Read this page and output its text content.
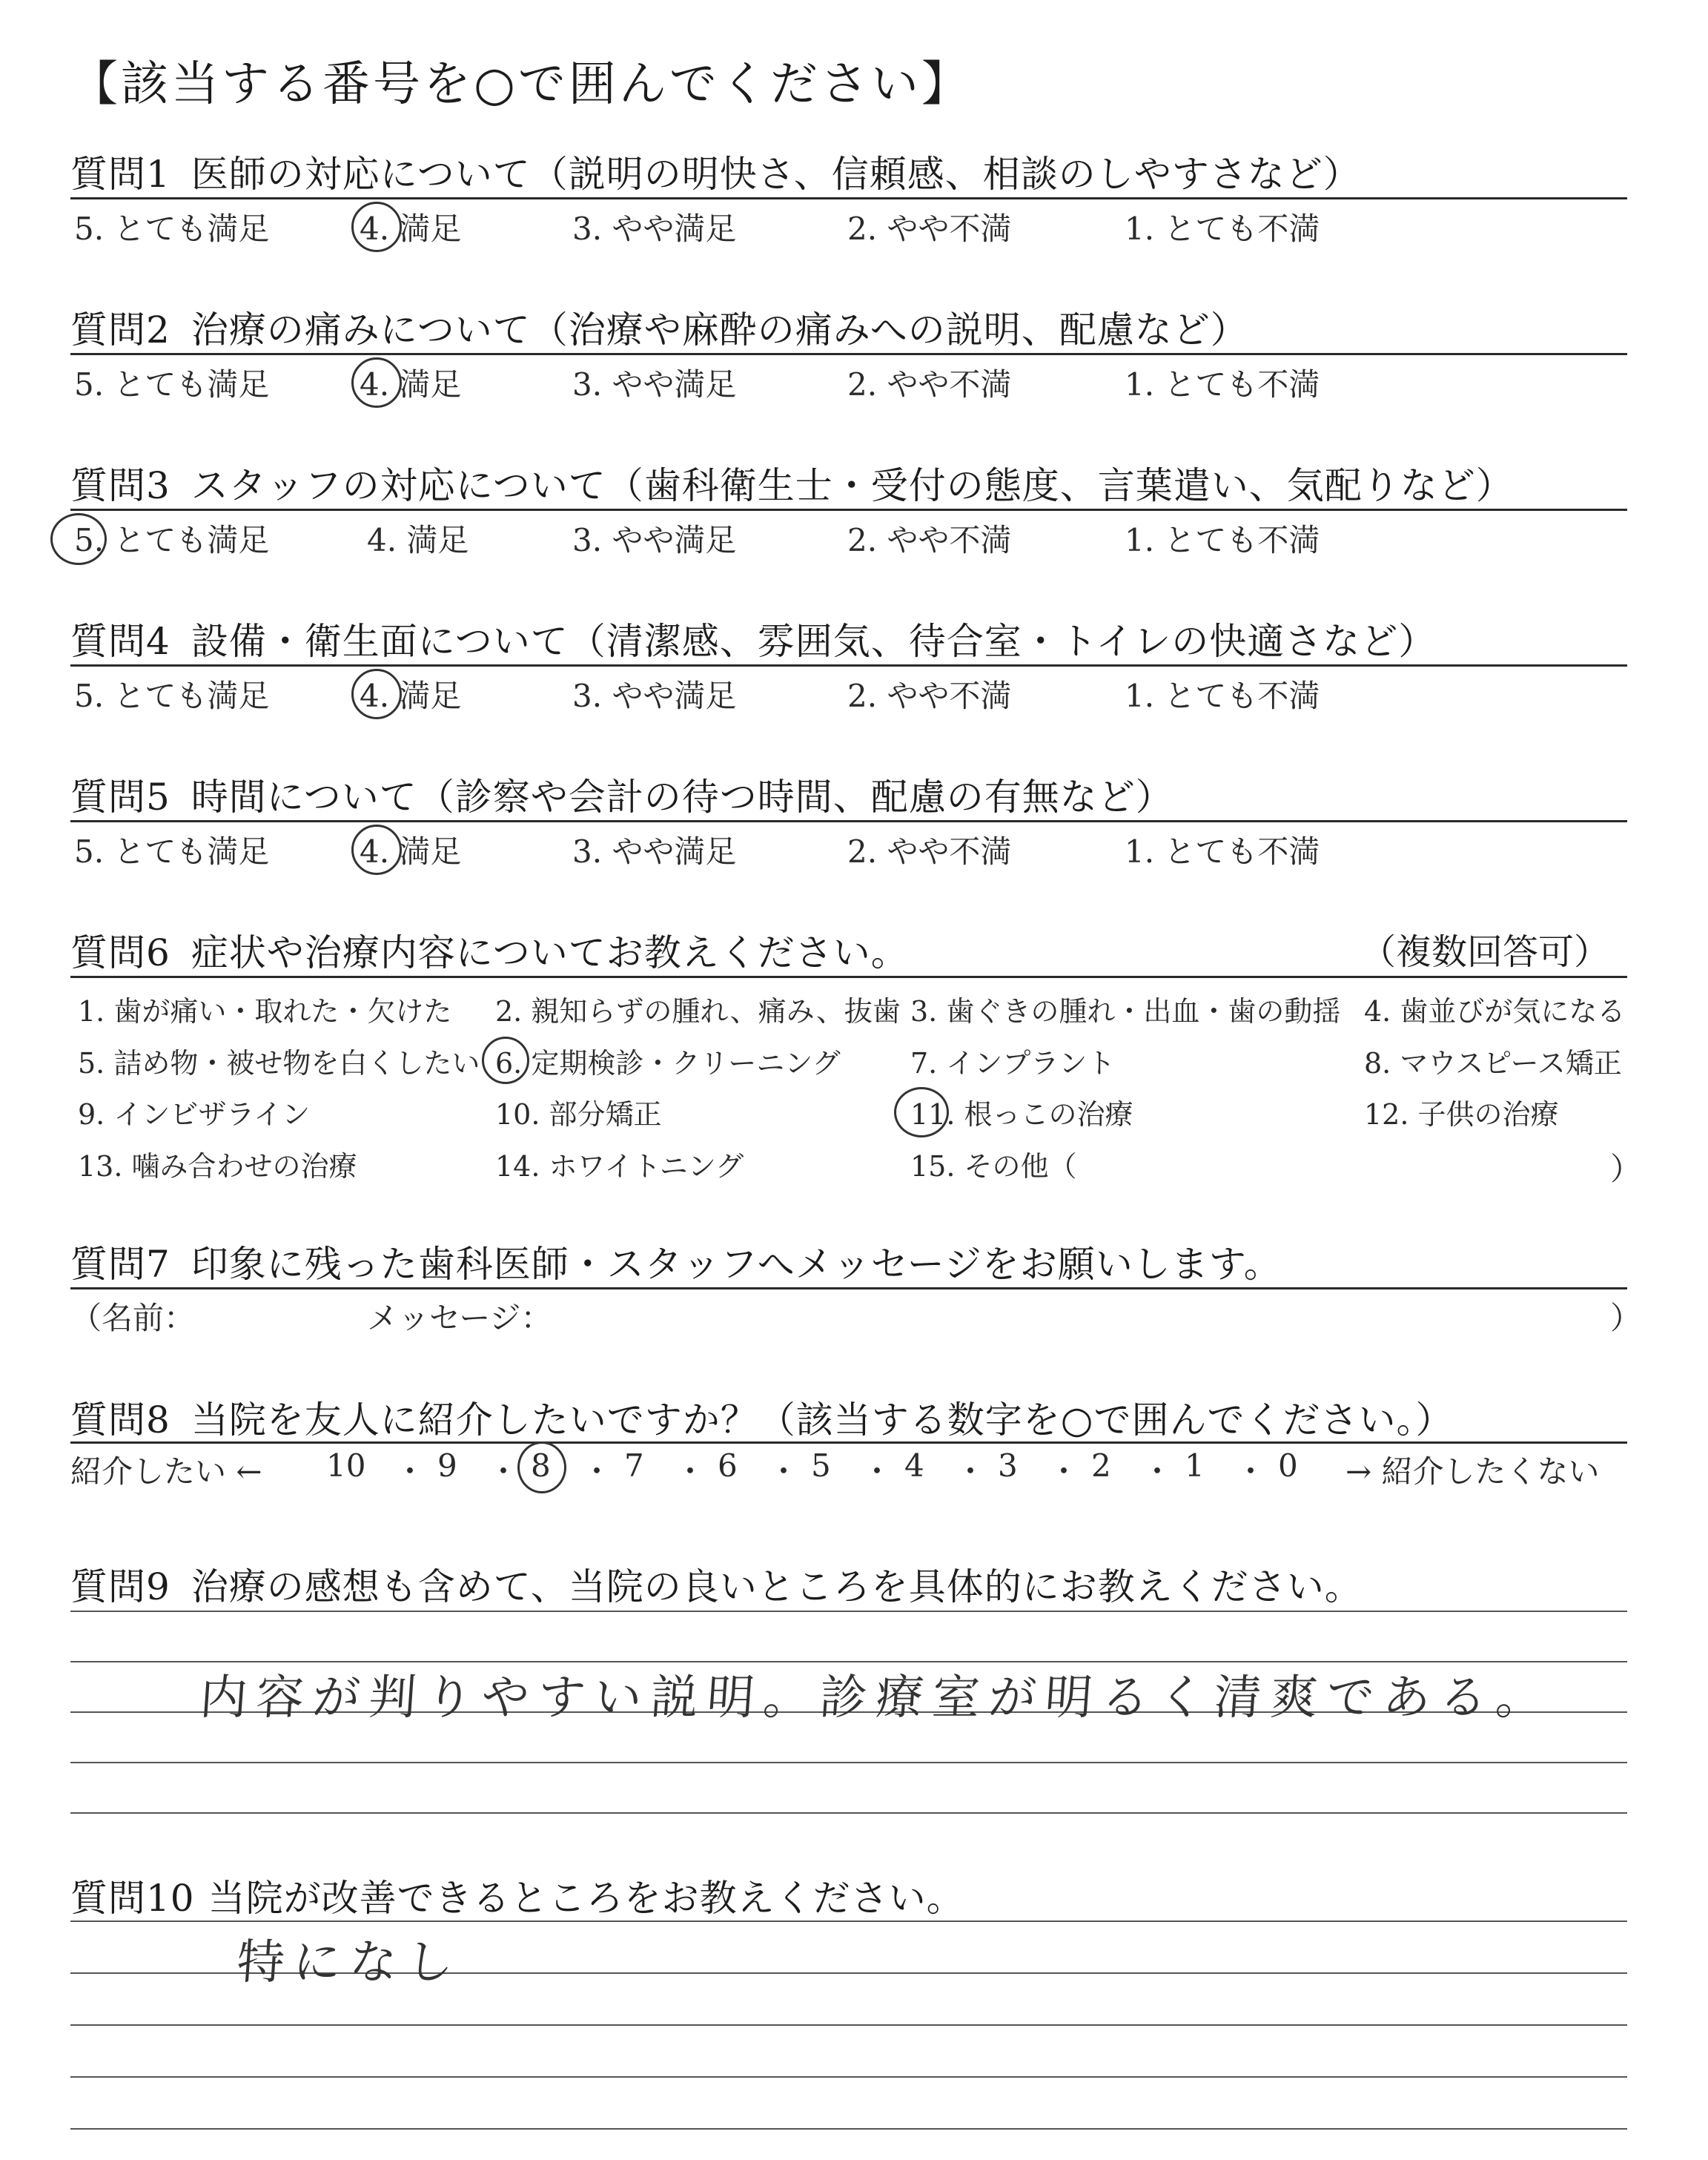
【該当する番号を○で囲んでください】
質問1 医師の対応について（説明の明快さ、信頼感、相談のしやすさなど）
5. とても満足	4. 満足	3. やや満足	2. やや不満	1. とても不満
質問2 治療の痛みについて（治療や麻酔の痛みへの説明、配慮など）
5. とても満足	4. 満足	3. やや満足	2. やや不満	1. とても不満
質問3 スタッフの対応について（歯科衛生士・受付の態度、言葉遣い、気配りなど）
5. とても満足	4. 満足	3. やや満足	2. やや不満	1. とても不満
質問4 設備・衛生面について（清潔感、雰囲気、待合室・トイレの快適さなど）
5. とても満足	4. 満足	3. やや満足	2. やや不満	1. とても不満
質問5 時間について（診察や会計の待つ時間、配慮の有無など）
5. とても満足	4. 満足	3. やや満足	2. やや不満	1. とても不満
質問6 症状や治療内容についてお教えください。	（複数回答可）
1. 歯が痛い・取れた・欠けた 2. 親知らずの腫れ、痛み、抜歯 3. 歯ぐきの腫れ・出血・歯の動揺 4. 歯並びが気になる
5. 詰め物・被せ物を白くしたい 6. 定期検診・クリーニング 7. インプラント	8. マウスピース矯正
9. インビザライン	10. 部分矯正	11. 根っこの治療	12. 子供の治療
13. 噛み合わせの治療	14. ホワイトニング	15. その他（	）
質問7 印象に残った歯科医師・スタッフへメッセージをお願いします。
（名前：	メッセージ：	）
質問8 当院を友人に紹介したいですか？（該当する数字を○で囲んでください。）
紹介したい ← 10 ・ 9 ・ 8 ・ 7 ・ 6 ・ 5 ・ 4 ・ 3 ・ 2 ・ 1 ・ 0 → 紹介したくない
質問9 治療の感想も含めて、当院の良いところを具体的にお教えください。
内容が判りやすい説明。診療室が明るく清爽である。
質問10 当院が改善できるところをお教えください。
特になし
